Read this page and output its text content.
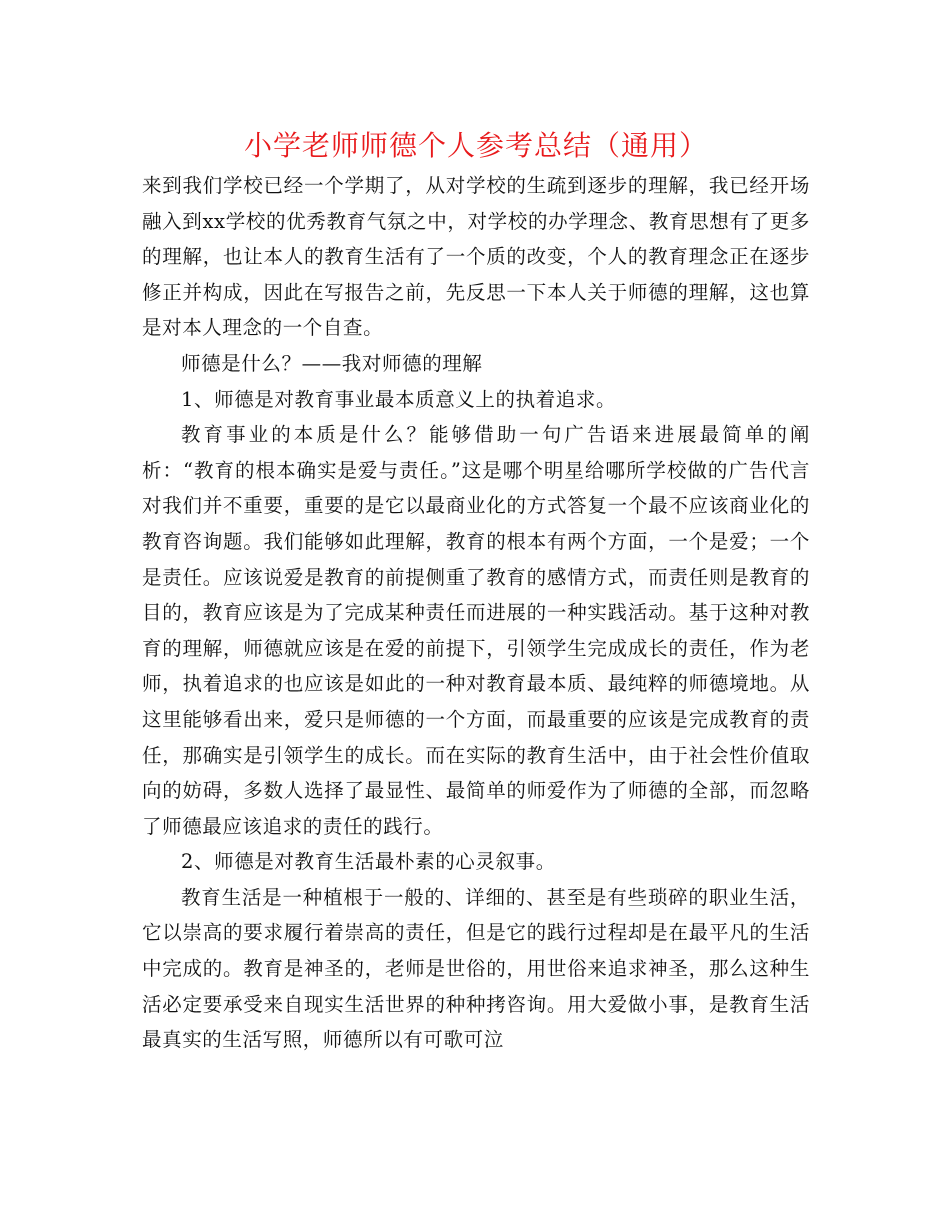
小学老师师德个人参考总结（通用）

来到我们学校已经一个学期了，从对学校的生疏到逐步的理解，我已经开场融入到xx学校的优秀教育气氛之中，对学校的办学理念、教育思想有了更多的理解，也让本人的教育生活有了一个质的改变，个人的教育理念正在逐步修正并构成，因此在写报告之前，先反思一下本人关于师德的理解，这也算是对本人理念的一个自查。

师德是什么？——我对师德的理解

1、师德是对教育事业最本质意义上的执着追求。

教育事业的本质是什么？能够借助一句广告语来进展最简单的阐析：“教育的根本确实是爱与责任。”这是哪个明星给哪所学校做的广告代言对我们并不重要，重要的是它以最商业化的方式答复一个最不应该商业化的教育咨询题。我们能够如此理解，教育的根本有两个方面，一个是爱；一个是责任。应该说爱是教育的前提侧重了教育的感情方式，而责任则是教育的目的，教育应该是为了完成某种责任而进展的一种实践活动。基于这种对教育的理解，师德就应该是在爱的前提下，引领学生完成成长的责任，作为老师，执着追求的也应该是如此的一种对教育最本质、最纯粹的师德境地。从这里能够看出来，爱只是师德的一个方面，而最重要的应该是完成教育的责任，那确实是引领学生的成长。而在实际的教育生活中，由于社会性价值取向的妨碍，多数人选择了最显性、最简单的师爱作为了师德的全部，而忽略了师德最应该追求的责任的践行。

2、师德是对教育生活最朴素的心灵叙事。

教育生活是一种植根于一般的、详细的、甚至是有些琐碎的职业生活，它以崇高的要求履行着崇高的责任，但是它的践行过程却是在最平凡的生活中完成的。教育是神圣的，老师是世俗的，用世俗来追求神圣，那么这种生活必定要承受来自现实生活世界的种种拷咨询。用大爱做小事，是教育生活最真实的生活写照，师德所以有可歌可泣
